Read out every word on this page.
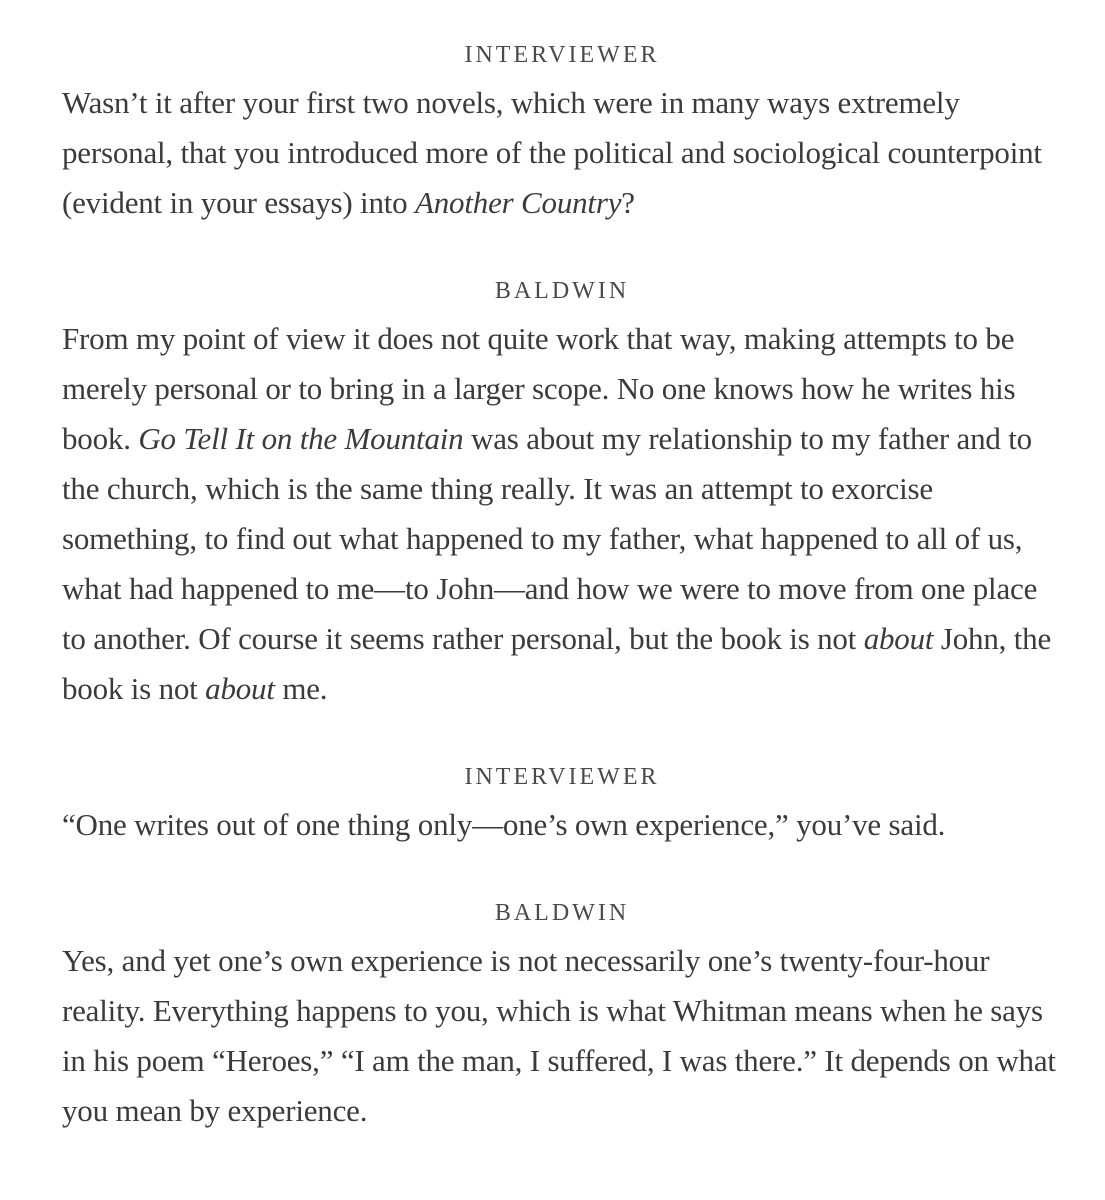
INTERVIEWER

Wasn’t it after your first two novels, which were in many ways extremely personal, that you introduced more of the political and sociological counterpoint (evident in your essays) into Another Country?

BALDWIN

From my point of view it does not quite work that way, making attempts to be merely personal or to bring in a larger scope. No one knows how he writes his book. Go Tell It on the Mountain was about my relationship to my father and to the church, which is the same thing really. It was an attempt to exorcise something, to find out what happened to my father, what happened to all of us, what had happened to me—to John—and how we were to move from one place to another. Of course it seems rather personal, but the book is not about John, the book is not about me.

INTERVIEWER

“One writes out of one thing only—one’s own experience,” you’ve said.

BALDWIN

Yes, and yet one’s own experience is not necessarily one’s twenty-four-hour reality. Everything happens to you, which is what Whitman means when he says in his poem “Heroes,” “I am the man, I suffered, I was there.” It depends on what you mean by experience.
